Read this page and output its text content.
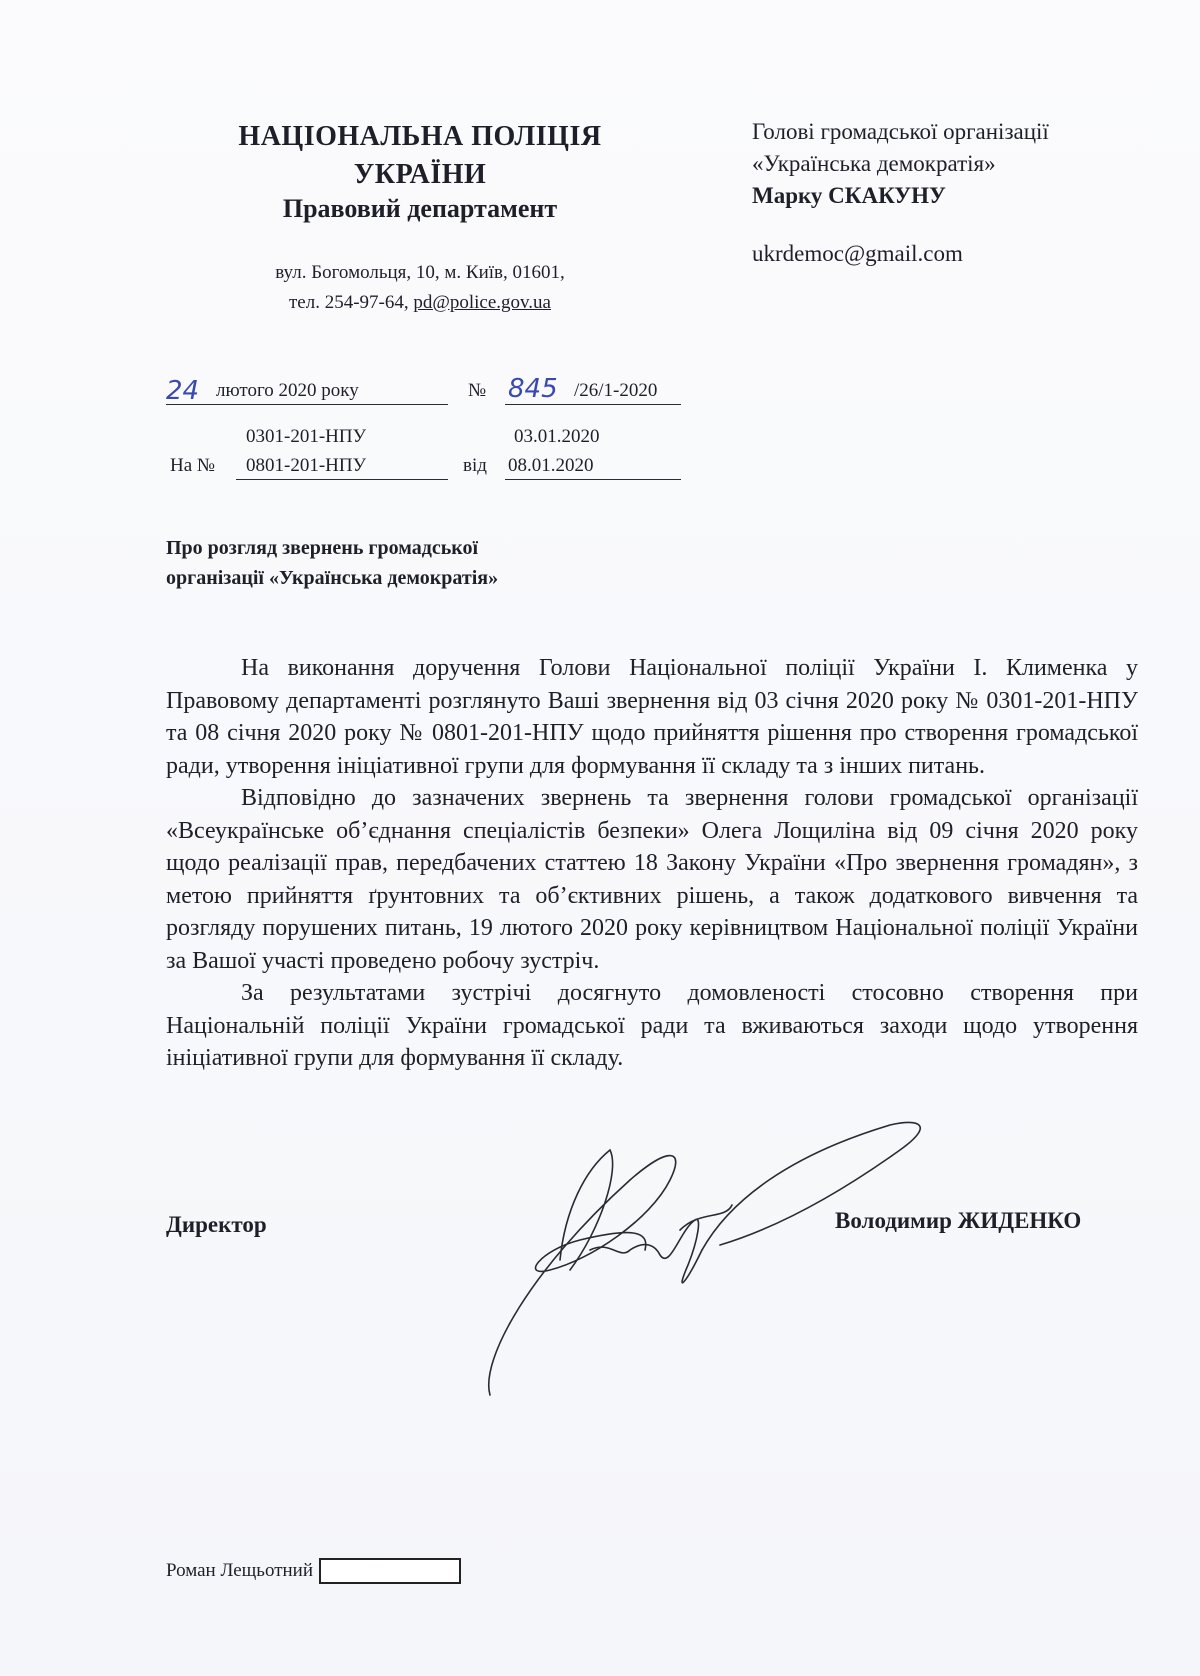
НАЦІОНАЛЬНА ПОЛІЦІЯ
УКРАЇНИ
Правовий департамент
вул. Богомольця, 10, м. Київ, 01601,
тел. 254-97-64, pd@police.gov.ua
Голові громадської організації
«Українська демократія»
Марку СКАКУНУ
ukrdemoc@gmail.com
24 лютого 2020 року	№ 845 /26/1-2020
0301-201-НПУ	03.01.2020
На № 0801-201-НПУ	від 08.01.2020
Про розгляд звернень громадської
організації «Українська демократія»

На виконання доручення Голови Національної поліції України І. Клименка у Правовому департаменті розглянуто Ваші звернення від 03 січня 2020 року № 0301-201-НПУ та 08 січня 2020 року № 0801-201-НПУ щодо прийняття рішення про створення громадської ради, утворення ініціативної групи для формування її складу та з інших питань.

Відповідно до зазначених звернень та звернення голови громадської організації «Всеукраїнське об’єднання спеціалістів безпеки» Олега Лощиліна від 09 січня 2020 року щодо реалізації прав, передбачених статтею 18 Закону України «Про звернення громадян», з метою прийняття ґрунтовних та об’єктивних рішень, а також додаткового вивчення та розгляду порушених питань, 19 лютого 2020 року керівництвом Національної поліції України за Вашої участі проведено робочу зустріч.

За результатами зустрічі досягнуто домовленості стосовно створення при Національній поліції України громадської ради та вживаються заходи щодо утворення ініціативної групи для формування її складу.

Директор	Володимир ЖИДЕНКО
Роман Лещьотний
